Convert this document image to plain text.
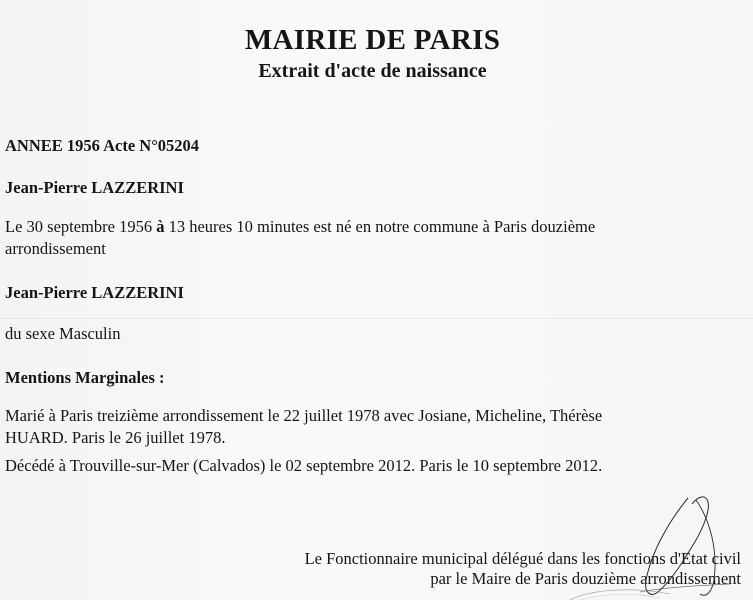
MAIRIE DE PARIS
Extrait d'acte de naissance
ANNEE 1956 Acte N°05204
Jean-Pierre LAZZERINI
Le 30 septembre 1956 à 13 heures 10 minutes est né en notre commune à Paris douzième
arrondissement
Jean-Pierre LAZZERINI
du sexe Masculin
Mentions Marginales :
Marié à Paris treizième arrondissement le 22 juillet 1978 avec Josiane, Micheline, Thérèse
HUARD. Paris le 26 juillet 1978.
Décédé à Trouville-sur-Mer (Calvados) le 02 septembre 2012. Paris le 10 septembre 2012.
Le Fonctionnaire municipal délégué dans les fonctions d'Etat civil
par le Maire de Paris douzième arrondissement
